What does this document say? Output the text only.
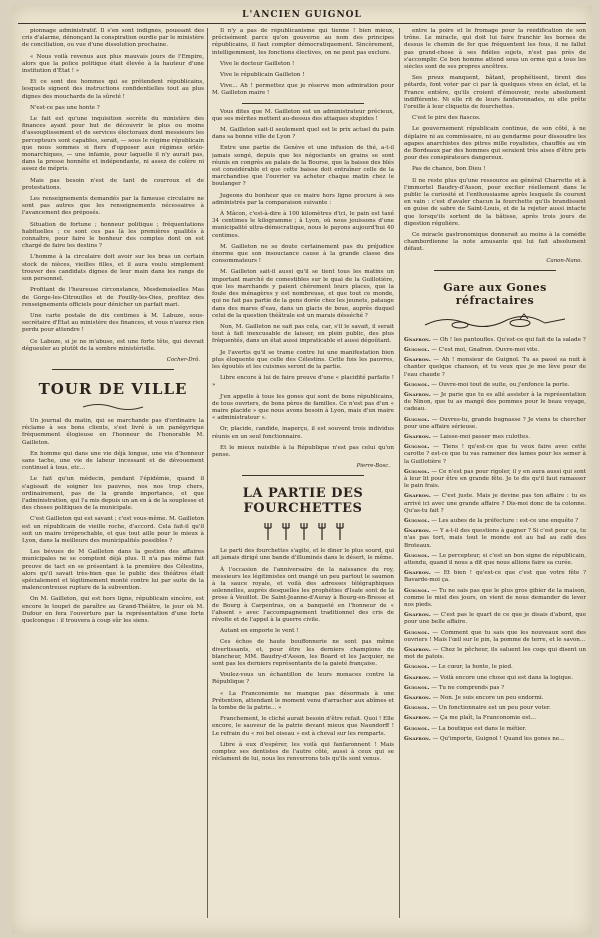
L'ANCIEN GUIGNOL

pionnage administratif. Il s'en sont indignés, poussant des cris d'alarme, dénonçant la conspiration ourdie par le ministère de conciliation, ou vue d'une dissolution prochaine.

« Nous voilà revenus aux plus mauvais jours de l'Empire, alors que la police politique était élevée à la hauteur d'une institution d'État ! »

Et ce sont des hommes qui se prétendent républicains, lesquels signent des instructions confidentielles tout au plus dignes des mouchards de la sûreté !

N'est-ce pas une honte ?

Le fait est qu'une inquisition secrète du ministère des finances ayant pour but de découvrir le plus ou moins d'assouplissement et de services électoraux dont messieurs les percepteurs sont capables, serait, — sous le régime républicain que nous sommes si fiers d'opposer aux régimes orléo-monarchiques, — une infamie, pour laquelle il n'y aurait pas, dans la presse honnête et indépendante, ni assez de colère ni assez de mépris.

Mais pas besoin n'est de tant de courroux et de protestations.

Les renseignements demandés par la fameuse circulaire ne sont pas autres que les renseignements nécessaires à l'avancement des préposés.

Situation de fortune ; honneur politique ; fréquentations habituelles ; ce sont ces pas là les premières qualités à connaître, pour faire le bonheur des comptes dont on est chargé de faire les destins ?

L'homme à la circulaire doit avoir sur les bras un certain stock de nièces, vieilles filles, et il aura voulu simplement trouver des candidats dignes de leur main dans les rangs de son personnel.

Profitant de l'heureuse circonstance, Mesdemoiselles Mas de Gorge-les-Citrouilles et de Fouilly-les-Oies, profitez des renseignements officiels pour dénicher un parfait mari.

Une carte postale de dix centimes à M. Labuze, sous-secrétaire d'État au ministère des finances, et vous n'aurez rien perdu pour attendre !

Ce Labuze, si je ne m'abuse, est une forte tête, qui devrait dégueuler au plutôt de la sombre ministérielle.

Cocher-Drô.
TOUR DE VILLE

Un journal du matin, qui se marchande pas d'ordinaire la réclame à ses bons clients, s'est livré à un panégyrique fréquemment élogieuse en l'honneur de l'honorable M. Gailleton.

En homme qui dans une vie déjà longue, une vie d'honneur sans tache, une vie de labeur incessant et de dévouement continuel à tous, etc...

Le fait qu'un médecin, pendant l'épidémie, quand il s'agissait de soigner les pauvres, nos nos trop chers, ordinairement, pas de la grande importance, et que l'administration, qui l'a mis depuis un an en à de la souplesse et des choses politiques de la municipale.

C'est Gailleton qui est savant ; c'est vous-même. M. Gailleton est un républicain de vieille roche, d'accord. Cela fait-il qu'il soit un maire irréprochable, et que tout aille pour le mieux à Lyon, dans la meilleure des municipalités possibles ?

Les bévues de M Gailleton dans la gestion des affaires municipales ne se comptent déjà plus. Il n'a pas même fait preuve de tact en se présentant à la première des Célestins, alors qu'il savait très-bien que le public des théâtres était spécialement et légitimement monté contre lui par suite de la malencontreuse rupture de la subvention.

On M. Gailleton, qui est hors ligne, républicain sincère, est encore le toupet de paraître au Grand-Théâtre, le jour où M. Dufour en fera l'ouverture par la représentation d'une forte quelconque : il trouvera à coup sûr les siens.

Il n'y a pas de républicanisme qui tienne ! bien mieux, précisément parce qu'on gouverne au nom des principes républicains, il faut compter démocratiquement. Sincèrement, intelligemment, les fonctions électives, on ne peut pas exclure.

Vive le docteur Gailleton !

Vive le républicain Gailleton !

Vive... Ah ! permettez que je réserve mon admiration pour M. Gailleton maire !

Vous dites que M. Gailleton est un administrateur précieux, que ses mérites mettent au-dessus des attaques stupides !

M. Gailleton sait-il seulement quel est le prix actuel du pain dans sa bonne ville de Lyon ?

Entre une partie de Genève et une infusion de thé, a-t-il jamais songé, depuis que les négociants en grains se sont réunis en congrès au palais de la Bourse, que la baisse des blés est considérable et que cette baisse doit entraîner celle de la marchandise que l'ouvrier va acheter chaque matin chez le boulanger ?

Jugeons du bonheur que ce maire hors ligne procure à ses administrés par la comparaison suivante :

À Mâcon, c'est-à-dire à 100 kilomètres d'ici, le pain est taxé 34 centimes le kilogramme ; à Lyon, où nous jouissons d'une municipalité ultra-démocratique, nous le payons aujourd'hui 40 centimes.

M. Gailleton ne se doute certainement pas du préjudice énorme que son insouciance cause à la grande classe des consommateurs !

M. Gailleton sait-il aussi qu'il se tient tous les matins un important marché de comestibles sur le quai de la Guillotière, que les marchands y paient chèrement leurs places, que la foule des ménagères y est nombreuse, et que tout ce monde, qui ne fait pas partie de la gens dorée chez les jeunets, patauge dans des mares d'eau, dans un glacis de boue, auprès duquel celui de la question théâtrale est un marais désséché ?

Non, M. Gailleton ne sait pas cela, car, s'il le savait, il serait tout à fait inexcusable de laisser, en plein public, des plus fréquentés, dans un état aussi impraticable et aussi dégoûtant.

Je l'avertis qu'il se trame contre lui une manifestation bien plus éloquente que celle des Célestins. Cette fois les pauvres, les égoutés et les cuisines seront de la partie.

Libre encore à lui de faire preuve d'une « placidité parfaite ! »

J'en appelle à tous les gones qui sont de bons républicains, de tous ouvriers, de bons pères de familles. Ce n'est pas d'un « maire placide » que nous avons besoin à Lyon, mais d'un maire « administrateur ».

Or, placide, candide, inaperçu, il est souvent trois individus réunis en un seul fonctionnaire.

Et le mieux nuisible à la République n'est pas celui qu'on pense.

Pierre-Bosc.
LA PARTIE DES FOURCHETTES

Le parti des fourchettes s'agite, et le diner le plus sourd, qui ait jamais dirigé une bande d'illuminés dans le désert, le même.

À l'occasion de l'anniversaire de la naissance du roy, messieurs les légitimistes ont mangé un peu partout le saumon à la sauce royale, et voilà des adresses télégraphiques solennelles, auprès desquelles les prophéties d'Isaïe sont de la prose à Veuillot. De Saint-Jeanne-d'Auray à Bourg-en-Bresse et de Bourg à Carpentras, on a banqueté en l'honneur de « l'absent » avec l'accompagnement traditionnel des cris de révolte et de l'appel à la guerre civile.

Autant en emporte le vent !

Ces échos de haute bouffonnerie ne sont pas même divertissants, et, pour être les derniers champions du blancheur, MM. Baudry-d'Asson, les Board et les Jacquier, ne sont pas les derniers représentants de la gaieté française.

Voulez-vous un échantillon de leurs menaces contre la République ?

« La Franconomie ne manque pas désormais à une Prétention, attendant le moment venu d'arracher aux abîmes et la tombe de la patrie... »

Franchement, le cliché aurait besoin d'être refait. Quoi ! Elle encore, le sauveur de la patrie devant mieux que Naundorff ! Le refrain du « roi bel oiseau » est à cheval sur les remparts.

Libre à eux d'espérer, les voilà qui fanfaronnent ! Mais comptez ses dentistes de l'autre côté, aussi à ceux qui se réclament de lui, nous les renverrons tels qu'ils sont venus.

entre la poire et le fromage pour la réédification de son trône. Le miracle, qui doit lui faire franchir les bornes de dessus le chemin de fer que fréquentent les fous, il ne fallut pas grand-chose à ses fidèles sujets, n'est pas près de s'accomplir. Ce bon homme attend sous un orme qui a tous les siècles sont de ses propres ancêtres.

Ses preux manquent, bâtant, prophétisent, tirent des pétards, font voter par ci par là quelques vives en éclat, et la France entière, qu'ils croient d'émouvoir, reste absolument indifférente. Ni elle rit de leurs fanfaronnades, ni elle prête l'oreille à leur cliquetis de fourchettes.

C'est le pire des fiascos.

Le gouvernement républicain continue, de son côté, à ne déplaire ni au commissaire, ni au gendarme pour dissoudre les agapes anarchistes des pitres mille royalistes, chauffés au vin de Bordeaux par des hommes qui seraient très aises d'être pris pour des conspirateurs dangereux.

Pas de chance, bon Dieu !

Il ne reste plus qu'une ressource au général Charrette et à l'immortel Baudry-d'Asson, pour exciter réellement dans le public la curiosité et l'enthousiasme après lesquels ils courent en vain : c'est d'avaler chacun la fourchette qu'ils brandissent en guise de sabre de Saint-Louis, et de la rejeter aussi intacte que lorsqu'ils sortent de la bâtisse, après trois jours de digestion régulière.

Ce miracle gastronomique donnerait au moins à la comédie chambordienne la note amusante qui lui fait absolument défaut.

Canon-Nano.
Gare aux Gones réfractaires

Gnafron. — Oh ! les pantoufles. Qu'est-ce qui fait de la salade ?

Guignol. — C'est moi, Gnafron. Ouvre-moi vite.

Gnafron. — Ah ! monsieur de Guignol. Tu as passé sa nuit à chanter quelque chanson, et tu veux que je me lève pour de l'eau chaude ?

Guignol. — Ouvre-moi tout de suite, ou j'enfonce la porte.

Gnafron. — Je parie que tu es allé assister à la représentation de Ninon, que tu as mangé des pommes pour le beau voyage, cadeau.

Guignol. — Ouvres-tu, grande bugnasse ? Je viens te chercher pour une affaire sérieuse.

Gnafron. — Laisse-moi passer mes culottes.

Guignol. — Tiens ! qu'est-ce que tu veux faire avec cette carotte ? est-ce que tu vas ramener des lames pour les semer à la Guillotière ?

Guignol. — Ce n'est pas pour rigoler, il y en aura aussi qui sont à leur lit pour être en grande fête. Je te dis qu'il faut ramasser le pain frais.

Gnafron. — C'est juste. Mais je devine pas ton affaire : tu es arrivé ici avec une grande affaire ? Dis-moi donc de ta colonne. Qu'as-tu fait ?

Guignol. — Les aubes de la préfecture : est-ce une enquête ?

Gnafron. — Y a-t-il des questions à gagner ? Si c'est pour ça, tu n'as pas tort, mais tout le monde est au bal au café des Broteaux.

Guignol. — Le percepteur, si c'est un bon signe de républicain, attendu, quand il nous a dit que nous allions faire sa curée.

Gnafron. — Et bien ! qu'est-ce que c'est que votre fête ? Bavarde-moi ça.

Guignol. — Tu ne sais pas que le plus gros gibier de la maison, comme le miel des jours, on vient de nous demander de lever nos pieds.

Gnafron. — C'est pas le quart de ce que je disais d'abord, que pour une belle affaire.

Guignol. — Comment que tu sais que les nouveaux sont des ouvriers ! Mais l'œil sur le pin, la pomme de terre, et le savon...

Gnafron. — Chez le pêcheur, ils saluent les coqs qui disent un mot de patois.

Guignol. — Le cœur, la honte, le pied.

Gnafron. — Voilà encore une chose qui est dans la logique.

Guignol. — Tu ne comprends pas ?

Gnafron. — Non. Je suis encore un peu endormi.

Guignol. — Un fonctionnaire est un peu pour voter.

Gnafron. — Ça me plaît, la Franconomie est...

Guignol. — La boutique est dans le métier.

Gnafron. — Qu'importe, Guignol ! Quand les gones ne...
